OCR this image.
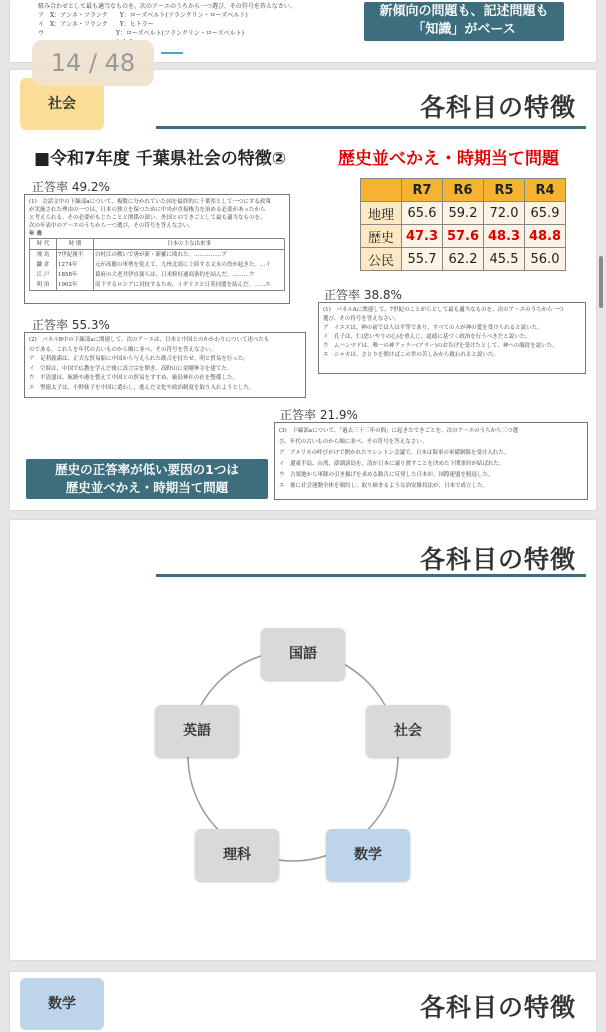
14 / 48
組み合わせとして最も適当なものを、次のア～エのうちから一つ選び、その符号を答えなさい。
ア　X：アンネ・フランク　　Y：ローズベルト(フランクリン・ローズベルト)
イ　X：アンネ・フランク　　Y：ヒトラー
ウ　　　　　　　　　　　　Y：ローズベルト(フランクリン・ローズベルト)
新傾向の問題も、記述問題も
「知識」がベース
社会	各科目の特徴
■令和7年度 千葉県社会の特徴②	歴史並べかえ・時期当て問題
正答率 49.2%
(1)　会話文中の下線部aについて、複数に分かれていた国を最終的に千葉県として一つにする政策
が実施された理由の一つは、日本の独立を保つために中央が直接権力を治める必要があったから
と考えられる。その必要がもじたことと関係の深い、外国とのできごとして最も適当なものを、
次の年表中のア～エのうちから一つ選び、その符号を答えなさい。
年 表
時 代	時 期	日本の主な出来事
飛 鳥	7世紀後半	白村江の戦いで唐が新・新羅に敗れた。……………ア
鎌 倉	1274年	元が高麗の軍勢を従えて、九州北部に上陸する文永の役が起きた。…イ
江 戸	1858年	幕府の大老井伊直弼らは、日米修好通商条約を結んだ。………ウ
明 治	1902年	南下するロシアに対抗するため、イギリスと日英同盟を結んだ。……エ
	R7	R6	R5	R4
地理	65.6	59.2	72.0	65.9
歴史	47.3	57.6	48.3	48.8
公民	55.7	62.2	45.5	56.0
正答率 38.8%
(1)　パネルAに関連して、7世紀のことがらとして最も適当なものを、次のア～エのうちから一つ
選び、その符号を答えなさい。
ア　イエスは、神の前では人は平等であり、すべての人が神の愛を受けられると説いた。
イ　孔子は、仁(思いやりの心)を重んじ、道徳に基づく政治を行うべきだと説いた。
ウ　ムハンマドは、唯一の神アッラー(アラー)のお告げを受けたとして、神への服従を説いた。
エ　シャカは、さとりを開けばこの世の苦しみから救われると説いた。
正答率 55.3%
(2)　パネルB中の下線部aに関連して、次のア～エは、日本と中国とのかかわりについて述べたも
のである。これらを年代の古いものから順に並べ、その符号を答えなさい。
ア　足利義満は、正式な貿易船に中国から与えられた勘合を持たせ、明と貿易を行った。
イ　空海は、中国で仏教を学んだ後に真言宗を開き、高野山に金剛峯寺を建てた。
ウ　平清盛は、航路や港を整えて中国との貿易をすすめ、厳島神社の社を整備した。
エ　聖徳太子は、小野妹子を中国に遣わし、進んだ文化や政治制度を取り入れようとした。
正答率 21.9%
(3)　下線部aについて、「過去三十三年の間」に起きたできごとを、次のア～エのうちから三つ選
び、年代の古いものから順に並べ、その符号を答えなさい。
ア　アメリカの呼びかけで開かれたワシントン会議で、日本は海軍の軍備制限を受け入れた。
イ　遼東半島、台湾、澎湖諸島を、清が日本に譲り渡すことを決めた下関条約が結ばれた。
ウ　占領地から軍隊の引き揚げを求める勧告に反発した日本が、国際連盟を脱退した。
エ　後に社会運動全体を制約し、取り締まるような治安維持法が、日本で成立した。
歴史の正答率が低い要因の1つは
歴史並べかえ・時期当て問題
各科目の特徴
国語
社会
数学
理科
英語
数学	各科目の特徴
